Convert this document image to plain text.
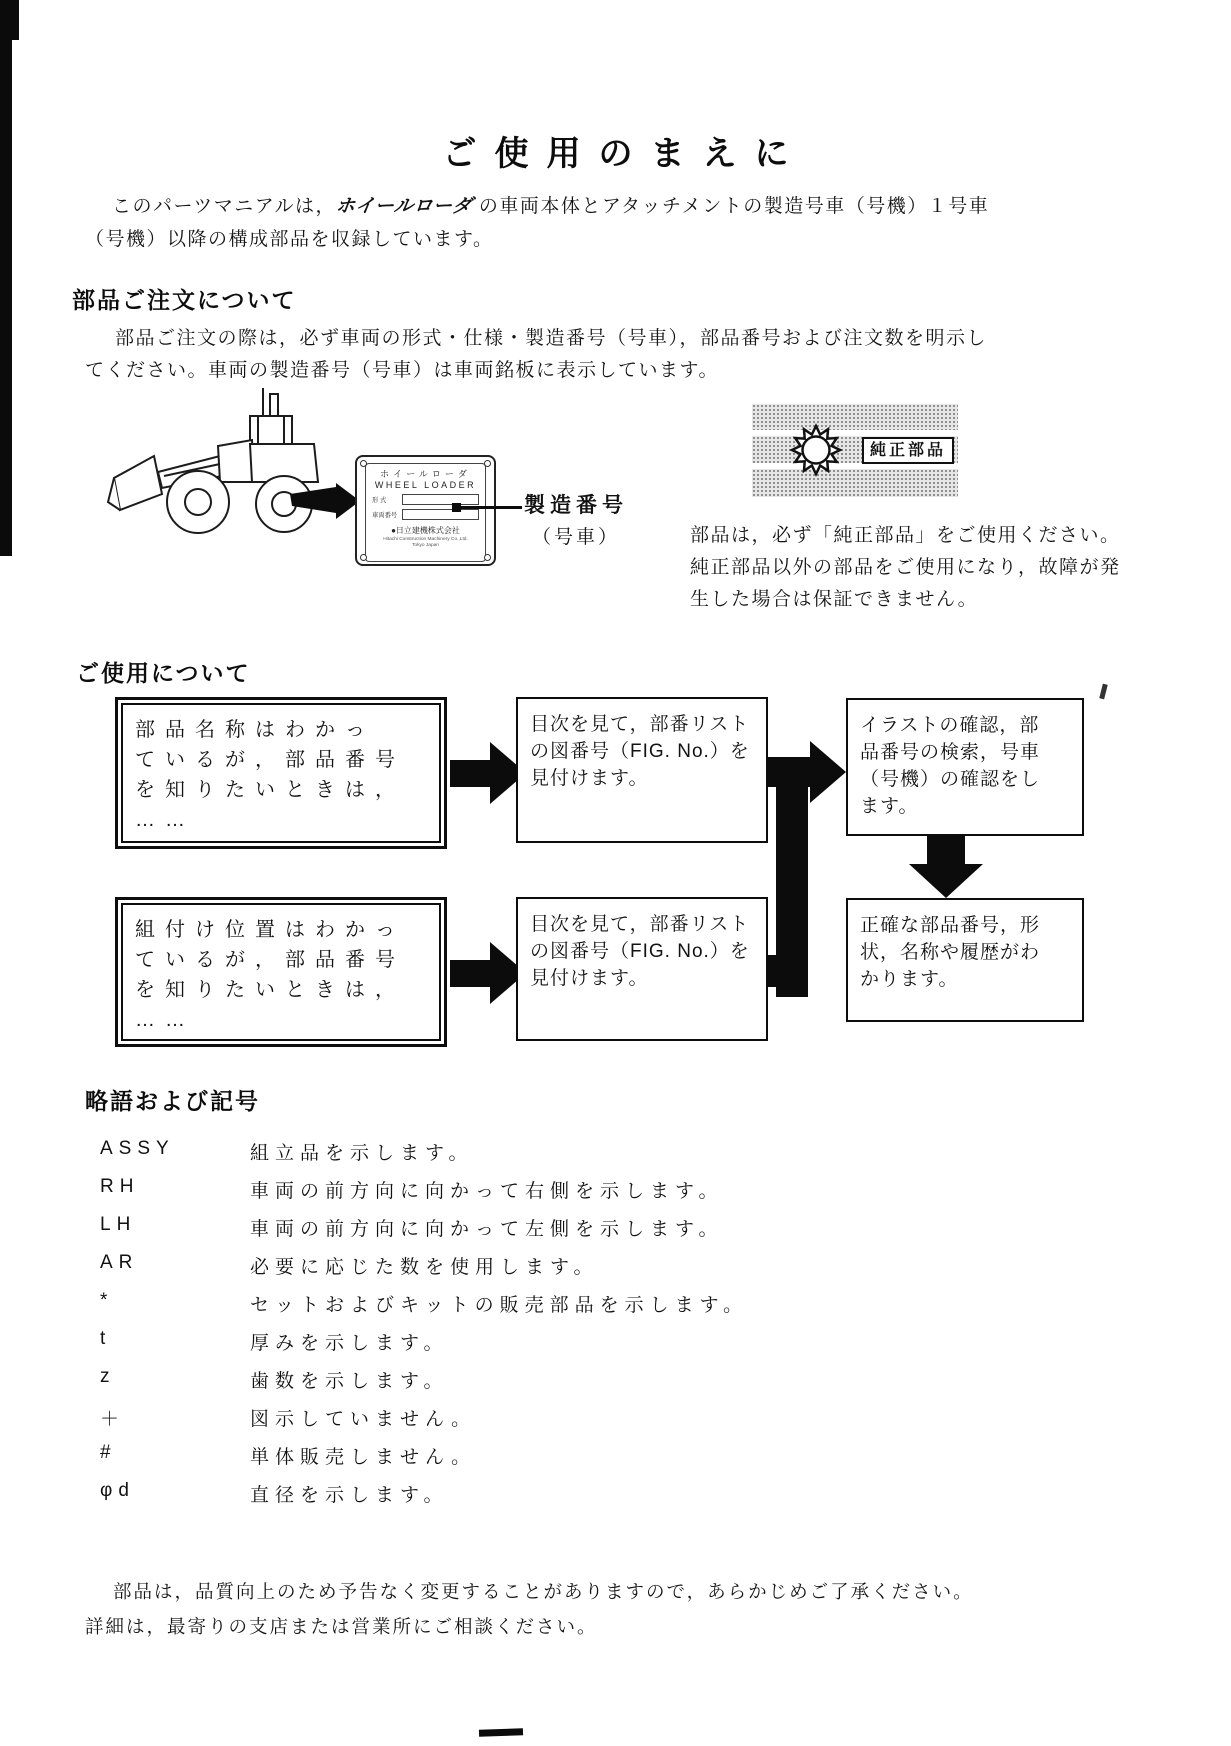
ご使用のまえに
このパーツマニアルは，ホイールローダ の車両本体とアタッチメントの製造号車（号機）１号車
（号機）以降の構成部品を収録しています。
部品ご注文について
部品ご注文の際は，必ず車両の形式・仕様・製造番号（号車），部品番号および注文数を明示し
てください。車両の製造番号（号車）は車両銘板に表示しています。
ホイールローダ
WHEEL LOADER
形 式
車両番号
●日立建機株式会社
Hitachi Construction Machinery Co.,Ltd.
Tokyo Japan
製造番号
（号車）
純正部品
部品は，必ず「純正部品」をご使用ください。
純正部品以外の部品をご使用になり，故障が発
生した場合は保証できません。
ご使用について
部品名称はわかっ
ているが，部品番号
を知りたいときは，
……
目次を見て，部番リスト
の図番号（FIG. No.）を
見付けます。
イラストの確認，部
品番号の検索，号車
（号機）の確認をし
ます。
組付け位置はわかっ
ているが，部品番号
を知りたいときは，
……
目次を見て，部番リスト
の図番号（FIG. No.）を
見付けます。
正確な部品番号，形
状，名称や履歴がわ
かります。
略語および記号
ASSY	組立品を示します。
RH	車両の前方向に向かって右側を示します。
LH	車両の前方向に向かって左側を示します。
AR	必要に応じた数を使用します。
*	セットおよびキットの販売部品を示します。
t	厚みを示します。
z	歯数を示します。
＋	図示していません。
#	単体販売しません。
φd	直径を示します。
部品は，品質向上のため予告なく変更することがありますので，あらかじめご了承ください。
詳細は，最寄りの支店または営業所にご相談ください。
